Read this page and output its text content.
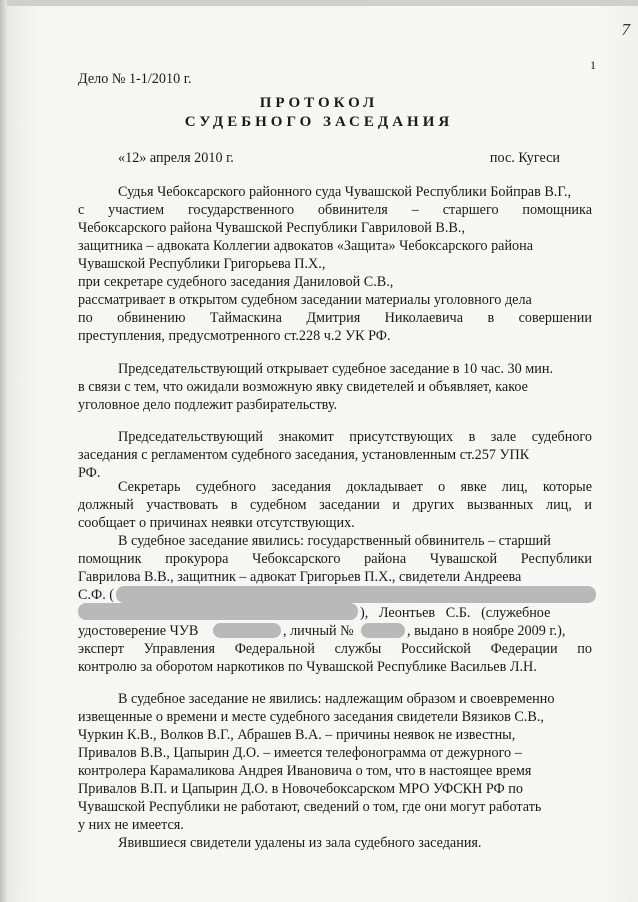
7
1
Дело № 1-1/2010 г.
ПРОТОКОЛ
СУДЕБНОГО ЗАСЕДАНИЯ
«12» апреля 2010 г.	пос. Кугеси
Судья Чебоксарского районного суда Чувашской Республики Бойправ В.Г.,
с участием государственного обвинителя – старшего помощника
Чебоксарского района Чувашской Республики Гавриловой В.В.,
защитника – адвоката Коллегии адвокатов «Защита» Чебоксарского района
Чувашской Республики Григорьева П.Х.,
при секретаре судебного заседания Даниловой С.В.,
рассматривает в открытом судебном заседании материалы уголовного дела
по обвинению Таймаскина Дмитрия Николаевича в совершении
преступления, предусмотренного ст.228 ч.2 УК РФ.
Председательствующий открывает судебное заседание в 10 час. 30 мин.
в связи с тем, что ожидали возможную явку свидетелей и объявляет, какое
уголовное дело подлежит разбирательству.
Председательствующий знакомит присутствующих в зале судебного
заседания с регламентом судебного заседания, установленным ст.257 УПК
РФ.
Секретарь судебного заседания докладывает о явке лиц, которые
должный участвовать в судебном заседании и других вызванных лиц, и
сообщает о причинах неявки отсутствующих.
В судебное заседание явились: государственный обвинитель – старший
помощник прокурора Чебоксарского района Чувашской Республики
Гаврилова В.В., защитник – адвокат Григорьев П.Х., свидетели Андреева
С.Ф. (
),   Леонтьев   С.Б.   (служебное
удостоверение ЧУВ	, личный №	, выдано в ноябре 2009 г.),
эксперт Управления Федеральной службы Российской Федерации по
контролю за оборотом наркотиков по Чувашской Республике Васильев Л.Н.
В судебное заседание не явились: надлежащим образом и своевременно
извещенные о времени и месте судебного заседания свидетели Вязиков С.В.,
Чуркин К.В., Волков В.Г., Абрашев В.А. – причины неявок не известны,
Привалов В.В., Цапырин Д.О. – имеется телефонограмма от дежурного –
контролера Карамаликова Андрея Ивановича о том, что в настоящее время
Привалов В.П. и Цапырин Д.О. в Новочебоксарском МРО УФСКН РФ по
Чувашской Республики не работают, сведений о том, где они могут работать
у них не имеется.
Явившиеся свидетели удалены из зала судебного заседания.
